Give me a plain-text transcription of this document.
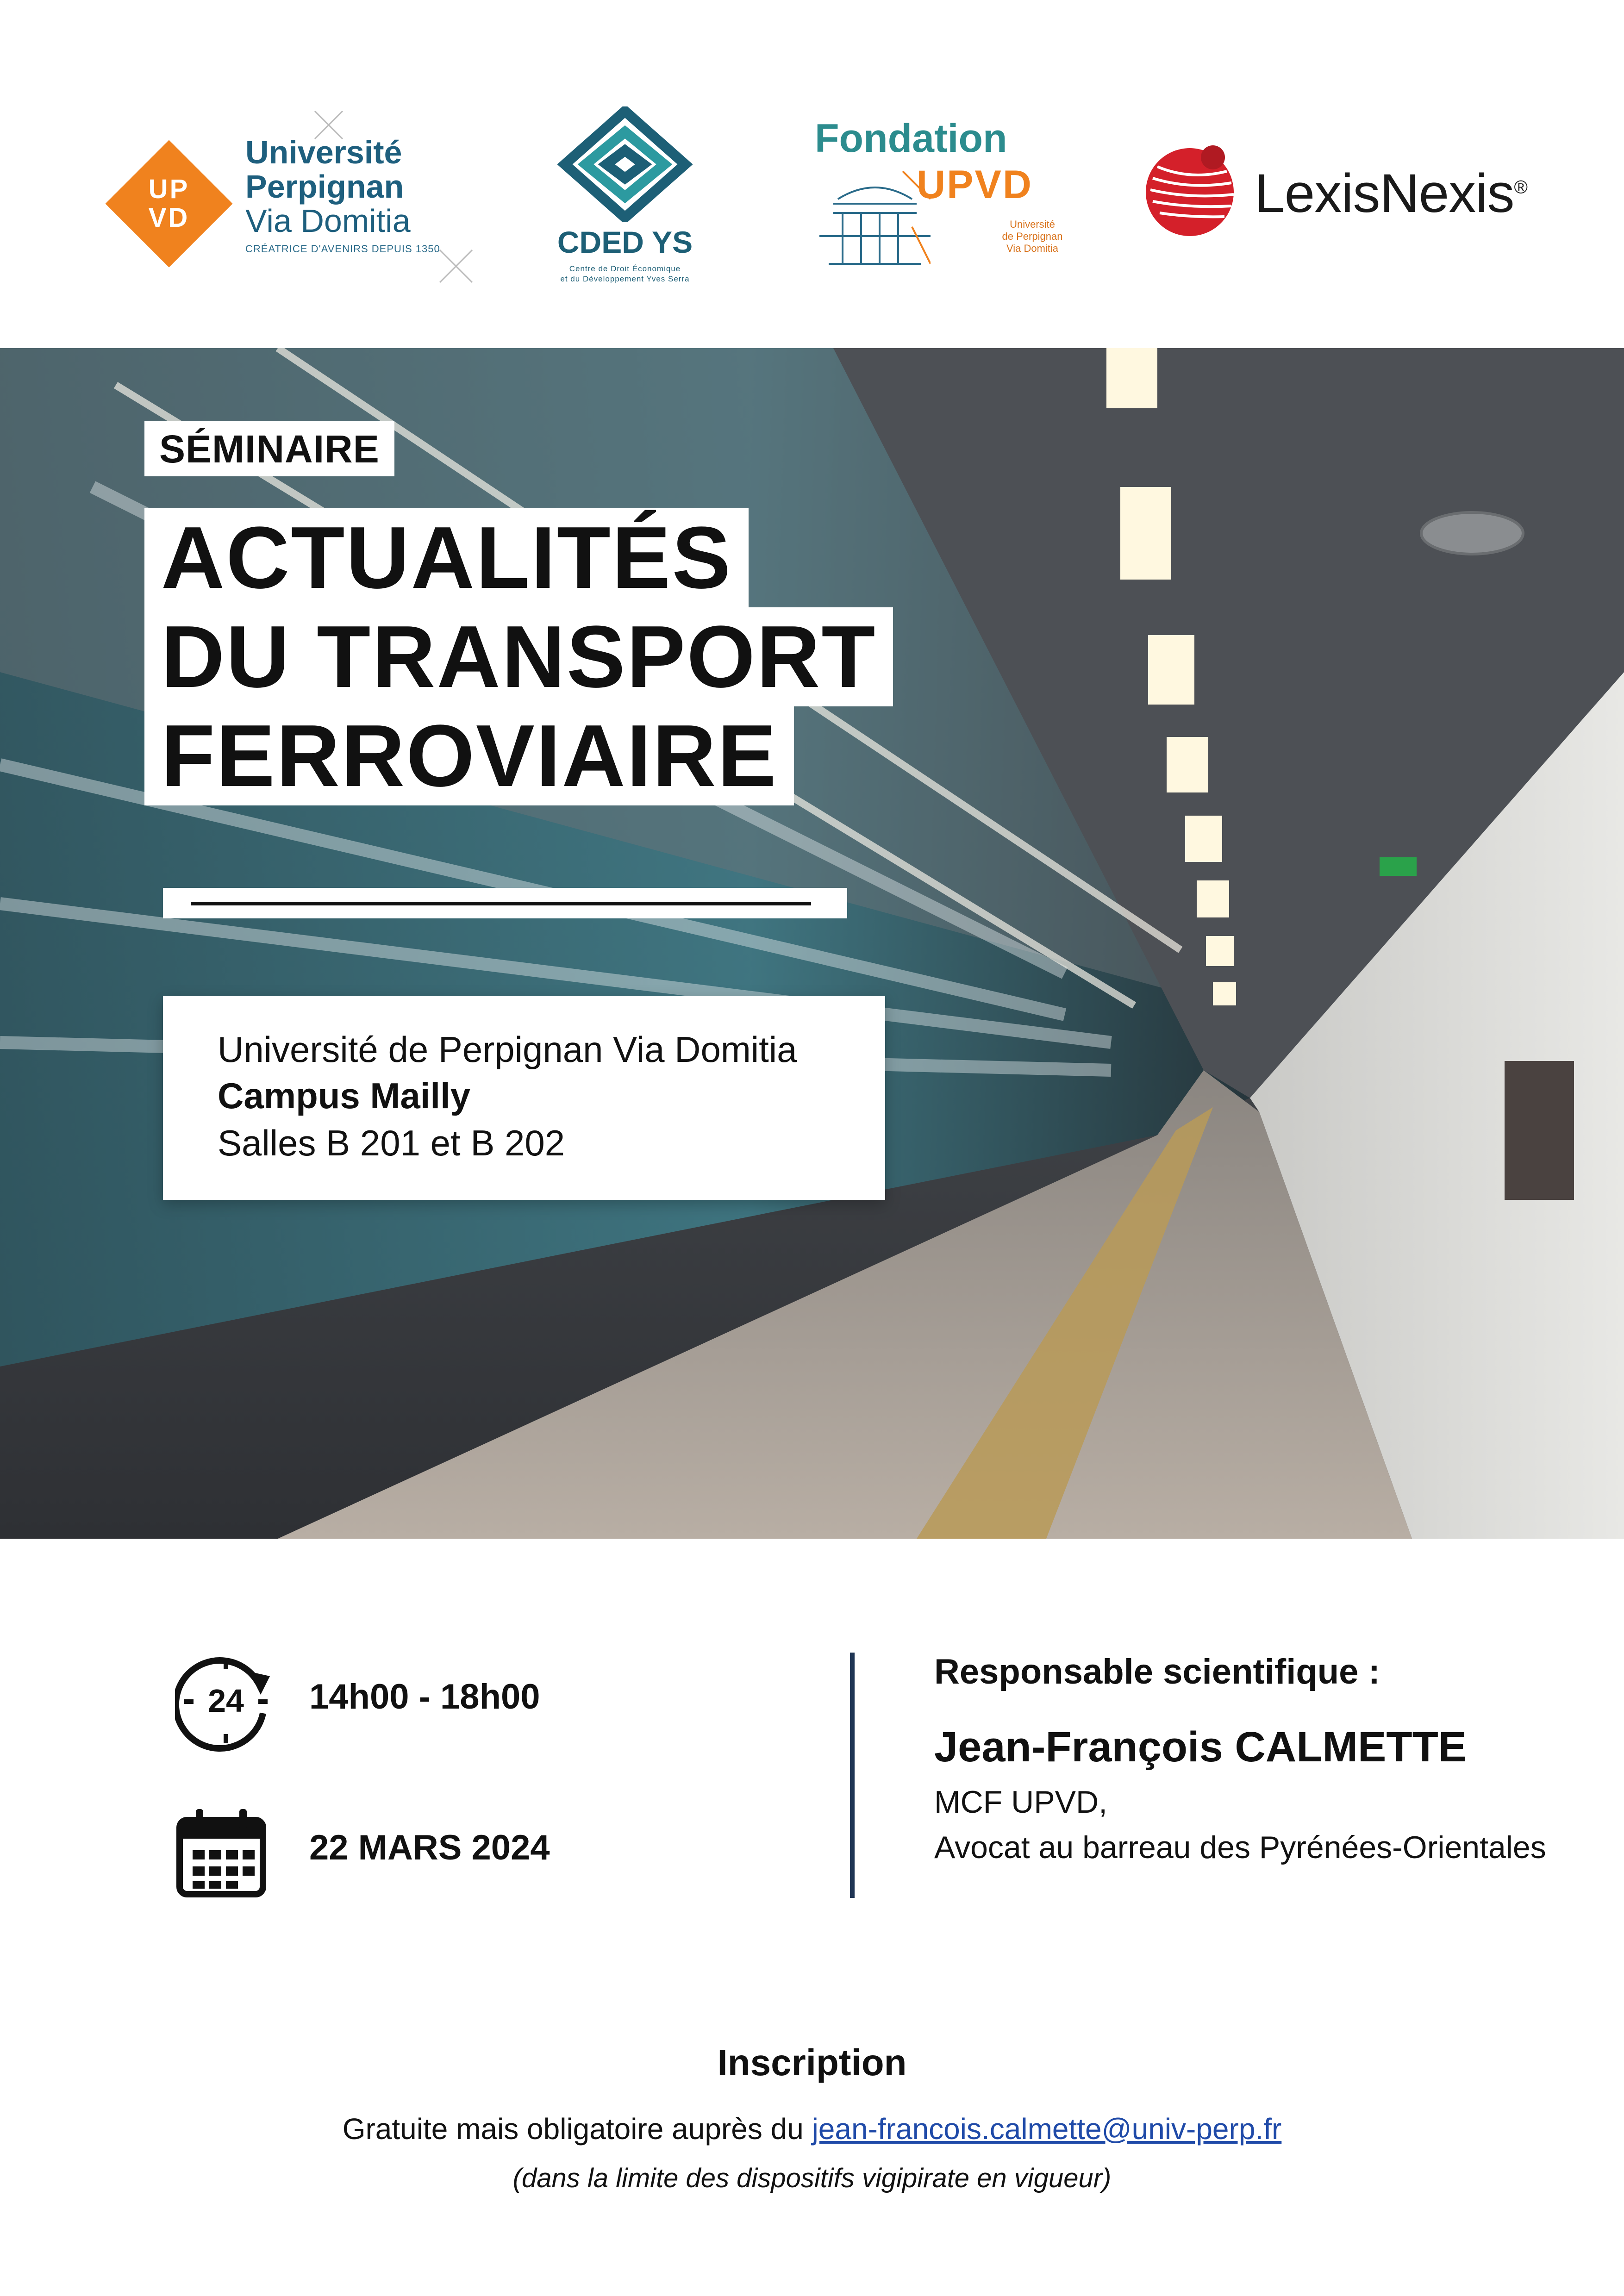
UP
VD
Université
Perpignan
Via Domitia
CRÉATRICE D'AVENIRS DEPUIS 1350	CDED YS
Centre de Droit Économique
et du Développement Yves Serra
Fondation
UPVD
Université
de Perpignan
Via Domitia
LexisNexis®
SÉMINAIRE
ACTUALITÉS
DU TRANSPORT
FERROVIAIRE
Université de Perpignan Via Domitia
Campus Mailly
Salles B 201 et B 202
24 14h00 - 18h00
22 MARS 2024
Responsable scientifique :
Jean-François CALMETTE
MCF UPVD,
Avocat au barreau des Pyrénées-Orientales
Inscription
Gratuite mais obligatoire auprès du jean-francois.calmette@univ-perp.fr
(dans la limite des dispositifs vigipirate en vigueur)
